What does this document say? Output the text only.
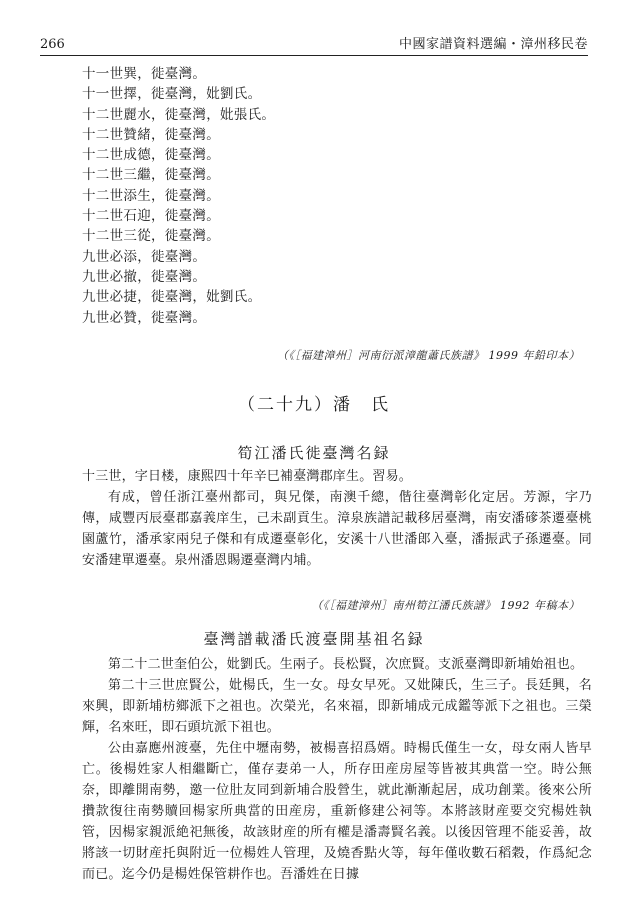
266	中國家譜資料選編・漳州移民卷
十一世巽，徙臺灣。
十一世擇，徙臺灣，妣劉氏。
十二世麗水，徙臺灣，妣張氏。
十二世贊緒，徙臺灣。
十二世成德，徙臺灣。
十二世三繼，徙臺灣。
十二世添生，徙臺灣。
十二世石迎，徙臺灣。
十二世三從，徙臺灣。
九世必添，徙臺灣。
九世必撤，徙臺灣。
九世必捷，徙臺灣，妣劉氏。
九世必贊，徙臺灣。
（《［福建漳州］河南衍派漳龍蕭氏族譜》 1999 年鉛印本）
（二十九）潘　氏
筍江潘氏徙臺灣名録

十三世，字日楼，康熙四十年辛巳補臺灣郡庠生。習易。

有成，曾任浙江臺州都司，與兄傑，南澳千總，偕往臺灣彰化定居。芳源，字乃傳，咸豐丙辰臺郡嘉義庠生，己未副貢生。漳泉族譜記載移居臺灣，南安潘䃎茶遷臺桃園蘆竹，潘承家兩兒子傑和有成遷臺彰化，安溪十八世潘郎入臺，潘振武子孫遷臺。同安潘建單遷臺。泉州潘恩賜遷臺灣内埔。

（《［福建漳州］南州筍江潘氏族譜》 1992 年稿本）
臺灣譜載潘氏渡臺開基祖名録

第二十二世奎伯公，妣劉氏。生兩子。長松賢，次庶賢。支派臺灣即新埔始祖也。

第二十三世庶賢公，妣楊氏，生一女。母女早死。又妣陳氏，生三子。長廷興，名來興，即新埔枋鄉派下之祖也。次榮光，名來福，即新埔成元成鑑等派下之祖也。三榮輝，名來旺，即石頭坑派下祖也。

公由嘉應州渡臺，先住中壢南勢，被楊喜招爲婿。時楊氏僅生一女，母女兩人皆早亡。後楊姓家人相繼斷亡，僅存妻弟一人，所存田産房屋等皆被其典當一空。時公無奈，即離開南勢，邀一位肚友同到新埔合股營生，就此漸漸起居，成功創業。後來公所攢款復往南勢贖回楊家所典當的田産房，重新修建公祠等。本將該財産要交究楊姓執管，因楊家親派絶祀無後，故該財産的所有權是潘壽賢名義。以後因管理不能妥善，故將該一切財産托與附近一位楊姓人管理，及燒香點火等，每年僅收數石稻穀，作爲紀念而已。迄今仍是楊姓保管耕作也。吾潘姓在日據
